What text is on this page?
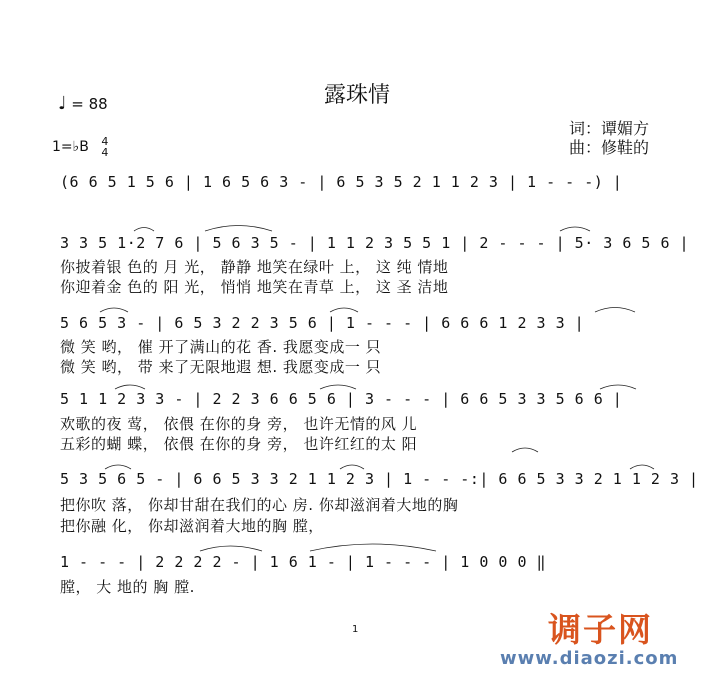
露珠情
♩ = 88
1=♭B 4
4
词：谭媚方
曲：修鞋的
(6 6 5 1 5 6 | 1 6 5 6 3 - | 6 5 3 5 2 1 1 2 3 | 1 - - -) |
3 3 5 1·2 7 6 | 5 6 3 5 - | 1 1 2 3 5 5 1 | 2 - - - | 5· 3 6 5 6 |
你披着银 色的 月 光， 静静 地笑在绿叶 上， 这 纯 情地
你迎着金 色的 阳 光， 悄悄 地笑在青草 上， 这 圣 洁地
5 6 5 3 - | 6 5 3 2 2 3 5 6 | 1 - - - | 6 6 6 1 2 3 3 |
微 笑 哟， 催 开了满山的花 香. 我愿变成一 只
微 笑 哟， 带 来了无限地遐 想. 我愿变成一 只
5 1 1 2 3 3 - | 2 2 3 6 6 5 6 | 3 - - - | 6 6 5 3 3 5 6 6 |
欢歌的夜 莺， 依偎 在你的身 旁， 也许无情的风 儿
五彩的蝴 蝶， 依偎 在你的身 旁， 也许红红的太 阳
5 3 5 6 5 - | 6 6 5 3 3 2 1 1 2 3 | 1 - - -:| 6 6 5 3 3 2 1 1 2 3 |
把你吹 落， 你却甘甜在我们的心 房. 你却滋润着大地的胸
把你融 化， 你却滋润着大地的胸 膛，
1 - - - | 2 2 2 2 - | 1 6 1 - | 1 - - - | 1 0 0 0 ‖
膛， 大 地的 胸 膛.
1	调子网
www.diaozi.com
